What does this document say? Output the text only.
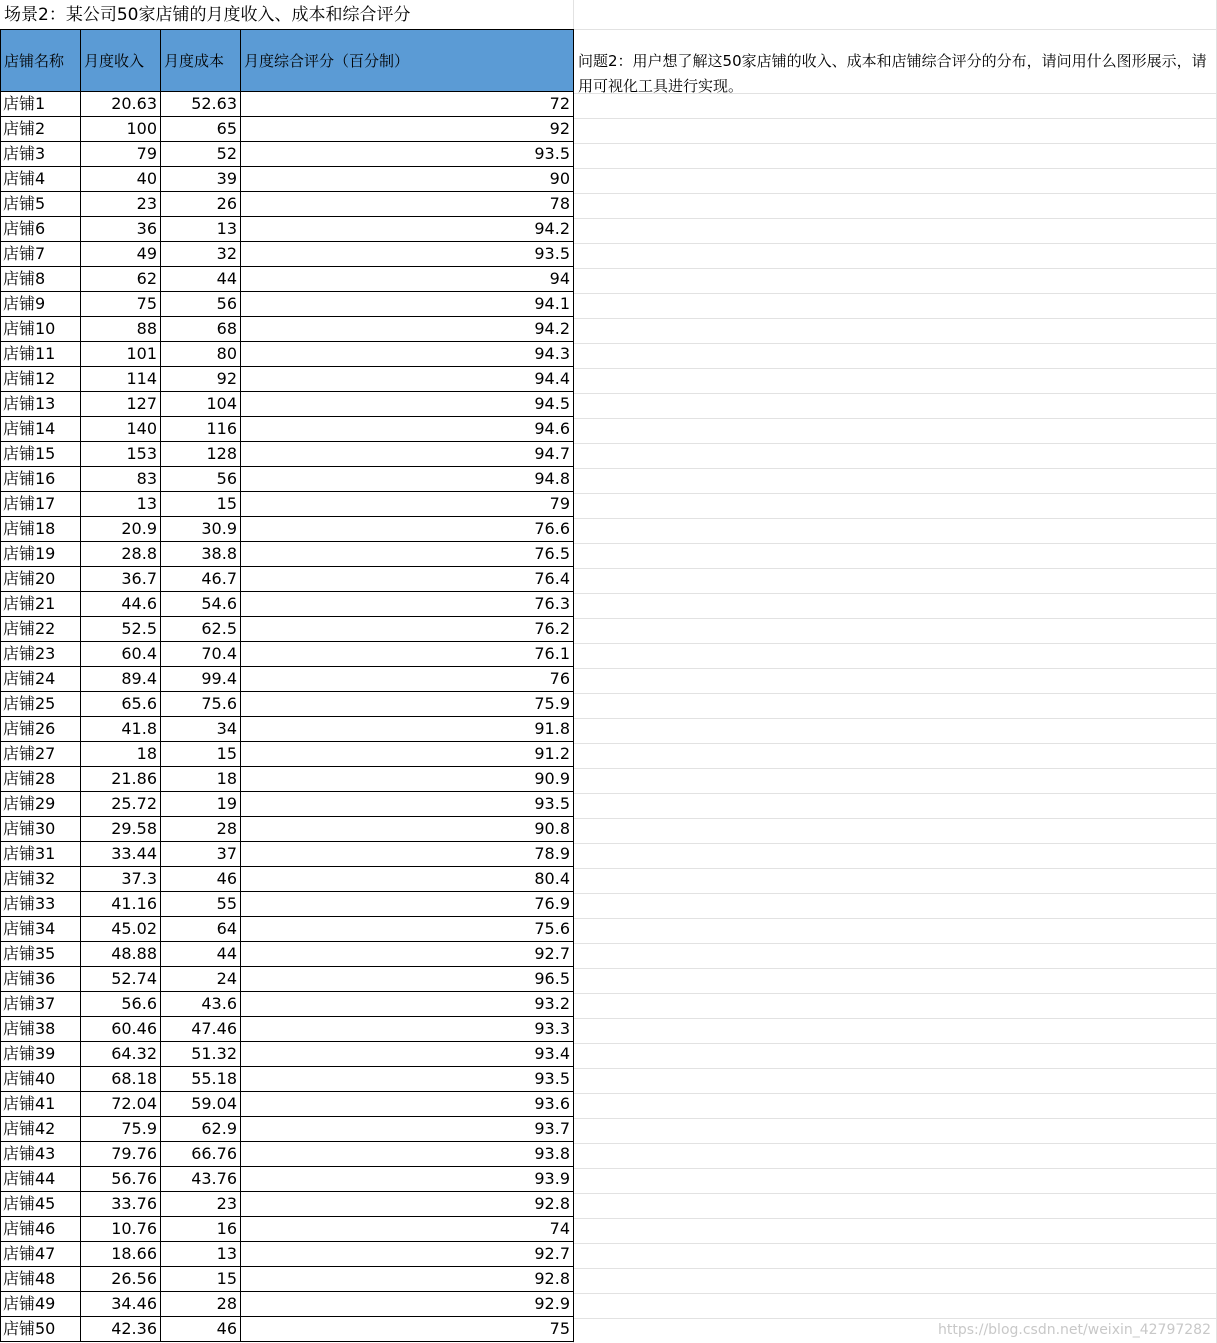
场景2：某公司50家店铺的月度收入、成本和综合评分
店铺名称	月度收入	月度成本	月度综合评分（百分制）
店铺1	20.63	52.63	72
店铺2	100	65	92
店铺3	79	52	93.5
店铺4	40	39	90
店铺5	23	26	78
店铺6	36	13	94.2
店铺7	49	32	93.5
店铺8	62	44	94
店铺9	75	56	94.1
店铺10	88	68	94.2
店铺11	101	80	94.3
店铺12	114	92	94.4
店铺13	127	104	94.5
店铺14	140	116	94.6
店铺15	153	128	94.7
店铺16	83	56	94.8
店铺17	13	15	79
店铺18	20.9	30.9	76.6
店铺19	28.8	38.8	76.5
店铺20	36.7	46.7	76.4
店铺21	44.6	54.6	76.3
店铺22	52.5	62.5	76.2
店铺23	60.4	70.4	76.1
店铺24	89.4	99.4	76
店铺25	65.6	75.6	75.9
店铺26	41.8	34	91.8
店铺27	18	15	91.2
店铺28	21.86	18	90.9
店铺29	25.72	19	93.5
店铺30	29.58	28	90.8
店铺31	33.44	37	78.9
店铺32	37.3	46	80.4
店铺33	41.16	55	76.9
店铺34	45.02	64	75.6
店铺35	48.88	44	92.7
店铺36	52.74	24	96.5
店铺37	56.6	43.6	93.2
店铺38	60.46	47.46	93.3
店铺39	64.32	51.32	93.4
店铺40	68.18	55.18	93.5
店铺41	72.04	59.04	93.6
店铺42	75.9	62.9	93.7
店铺43	79.76	66.76	93.8
店铺44	56.76	43.76	93.9
店铺45	33.76	23	92.8
店铺46	10.76	16	74
店铺47	18.66	13	92.7
店铺48	26.56	15	92.8
店铺49	34.46	28	92.9
店铺50	42.36	46	75
问题2：用户想了解这50家店铺的收入、成本和店铺综合评分的分布，请问用什么图形展示，请用可视化工具进行实现。
https://blog.csdn.net/weixin_42797282
